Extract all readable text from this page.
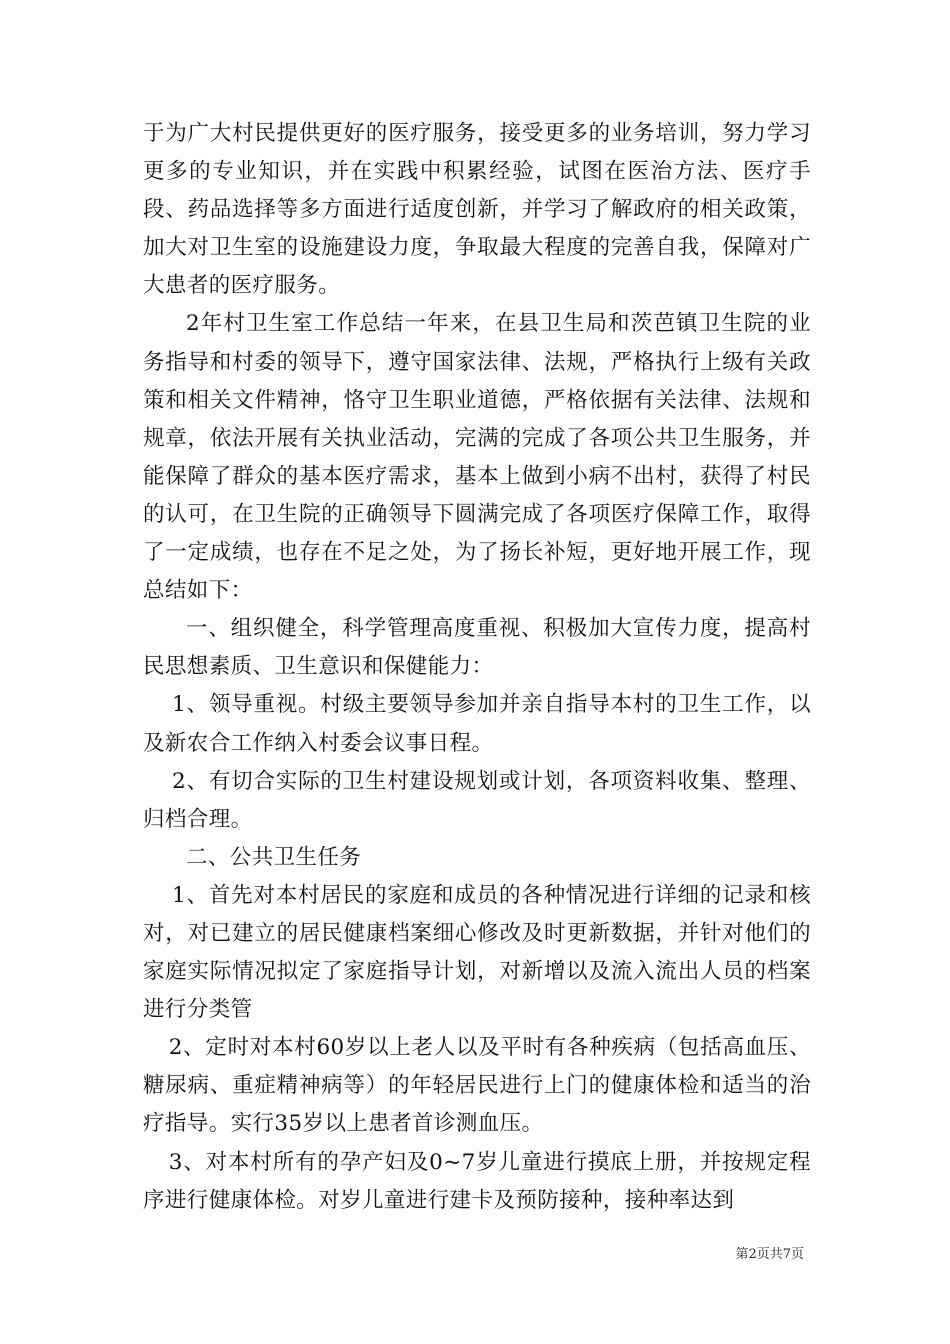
于为广大村民提供更好的医疗服务，接受更多的业务培训，努力学习更多的专业知识，并在实践中积累经验，试图在医治方法、医疗手段、药品选择等多方面进行适度创新，并学习了解政府的相关政策，加大对卫生室的设施建设力度，争取最大程度的完善自我，保障对广大患者的医疗服务。

2年村卫生室工作总结一年来，在县卫生局和茨芭镇卫生院的业务指导和村委的领导下，遵守国家法律、法规，严格执行上级有关政策和相关文件精神，恪守卫生职业道德，严格依据有关法律、法规和规章，依法开展有关执业活动，完满的完成了各项公共卫生服务，并能保障了群众的基本医疗需求，基本上做到小病不出村，获得了村民的认可，在卫生院的正确领导下圆满完成了各项医疗保障工作，取得了一定成绩，也存在不足之处，为了扬长补短，更好地开展工作，现总结如下：

一、组织健全，科学管理高度重视、积极加大宣传力度，提高村民思想素质、卫生意识和保健能力：

1、领导重视。村级主要领导参加并亲自指导本村的卫生工作，以及新农合工作纳入村委会议事日程。

2、有切合实际的卫生村建设规划或计划，各项资料收集、整理、归档合理。

二、公共卫生任务

1、首先对本村居民的家庭和成员的各种情况进行详细的记录和核对，对已建立的居民健康档案细心修改及时更新数据，并针对他们的家庭实际情况拟定了家庭指导计划，对新增以及流入流出人员的档案进行分类管

2、定时对本村60岁以上老人以及平时有各种疾病（包括高血压、糖尿病、重症精神病等）的年轻居民进行上门的健康体检和适当的治疗指导。实行35岁以上患者首诊测血压。

3、对本村所有的孕产妇及0~7岁儿童进行摸底上册，并按规定程序进行健康体检。对岁儿童进行建卡及预防接种，接种率达到

第2页共7页
